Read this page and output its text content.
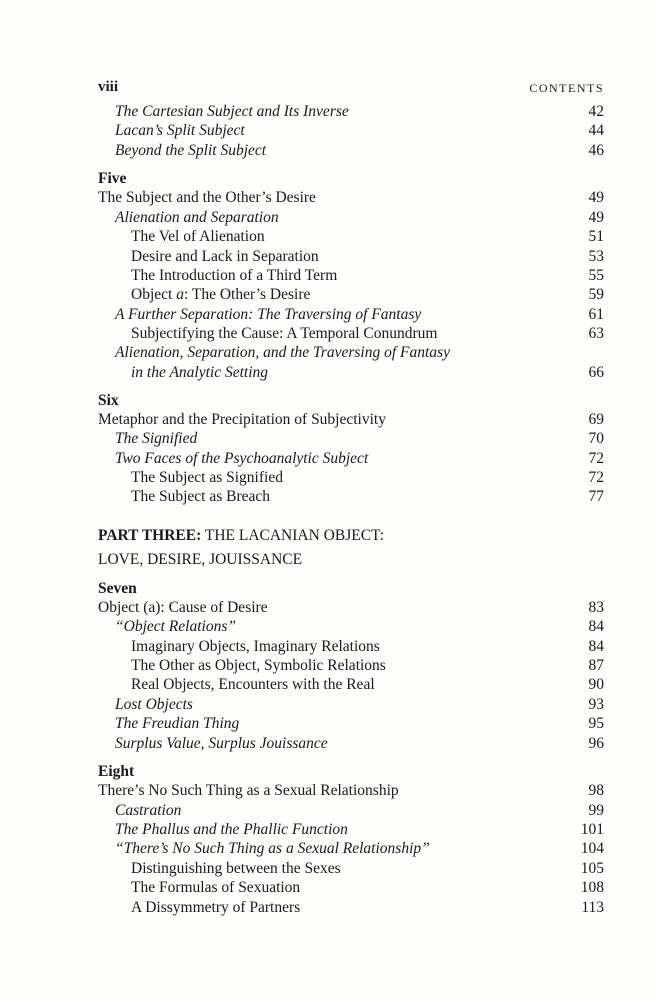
viii	CONTENTS
The Cartesian Subject and Its Inverse	42
Lacan’s Split Subject	44
Beyond the Split Subject	46
Five
The Subject and the Other’s Desire	49
Alienation and Separation	49
The Vel of Alienation	51
Desire and Lack in Separation	53
The Introduction of a Third Term	55
Object a: The Other’s Desire	59
A Further Separation: The Traversing of Fantasy	61
Subjectifying the Cause: A Temporal Conundrum	63
Alienation, Separation, and the Traversing of Fantasy
in the Analytic Setting	66
Six
Metaphor and the Precipitation of Subjectivity	69
The Signified	70
Two Faces of the Psychoanalytic Subject	72
The Subject as Signified	72
The Subject as Breach	77
PART THREE: THE LACANIAN OBJECT:
LOVE, DESIRE, JOUISSANCE
Seven
Object (a): Cause of Desire	83
“Object Relations”	84
Imaginary Objects, Imaginary Relations	84
The Other as Object, Symbolic Relations	87
Real Objects, Encounters with the Real	90
Lost Objects	93
The Freudian Thing	95
Surplus Value, Surplus Jouissance	96
Eight
There’s No Such Thing as a Sexual Relationship	98
Castration	99
The Phallus and the Phallic Function	101
“There’s No Such Thing as a Sexual Relationship”	104
Distinguishing between the Sexes	105
The Formulas of Sexuation	108
A Dissymmetry of Partners	113
